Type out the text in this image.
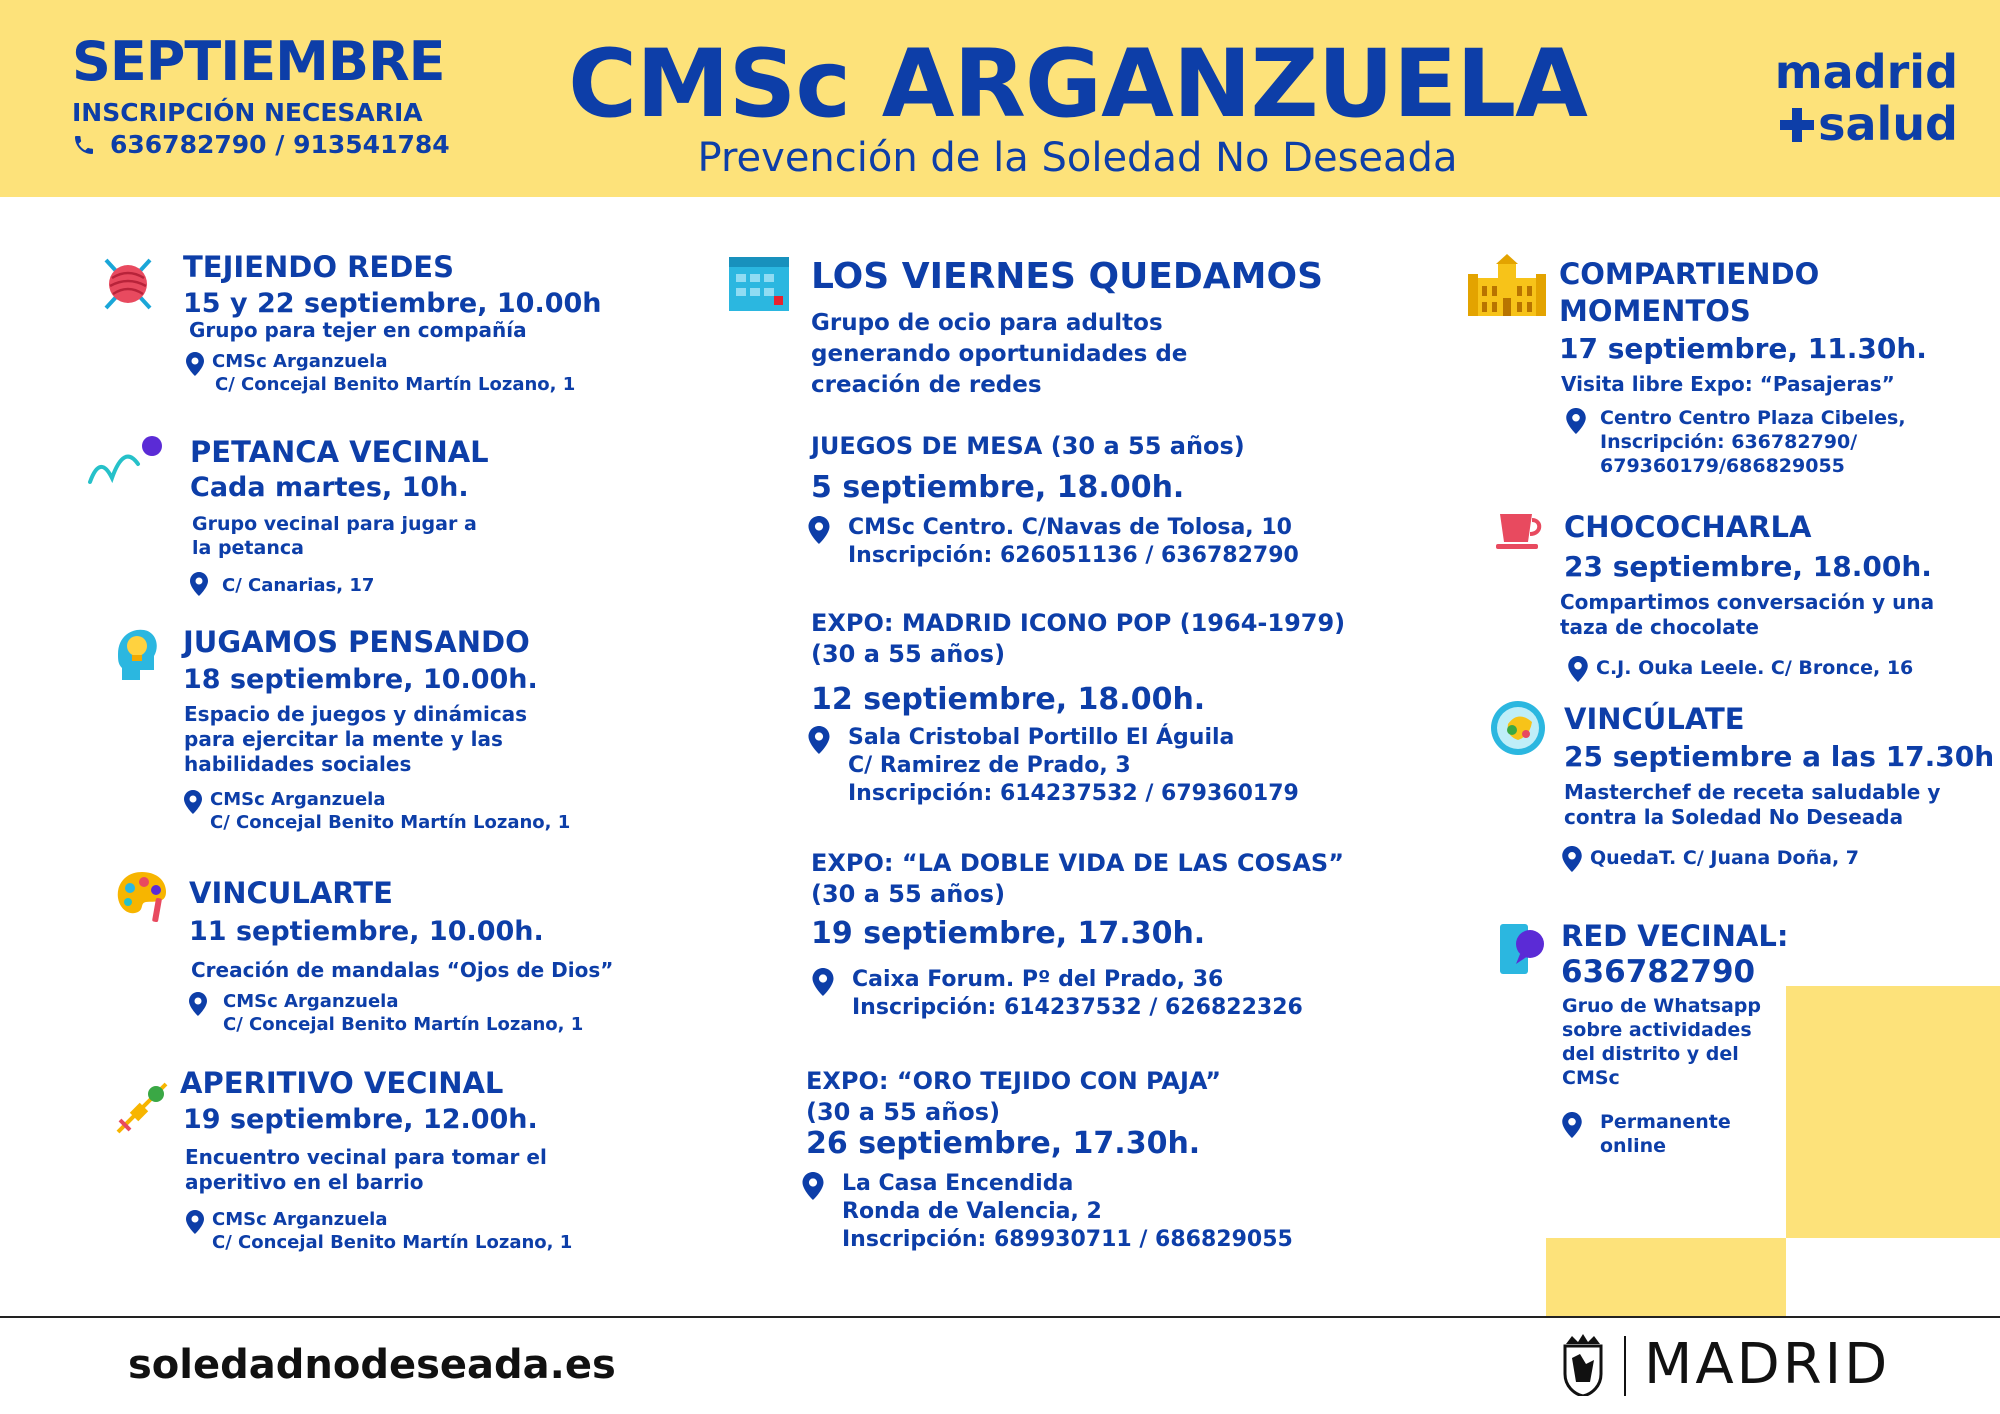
SEPTIEMBRE
INSCRIPCIÓN NECESARIA
636782790 / 913541784
CMSc ARGANZUELA
Prevención de la Soledad No Deseada
madrid
salud
TEJIENDO REDES
15 y 22 septiembre, 10.00h
Grupo para tejer en compañía
CMSc Arganzuela
C/ Concejal Benito Martín Lozano, 1
PETANCA VECINAL
Cada martes, 10h.
Grupo vecinal para jugar a la petanca
C/ Canarias, 17
JUGAMOS PENSANDO
18 septiembre, 10.00h.
Espacio de juegos y dinámicas para ejercitar la mente y las habilidades sociales
CMSc Arganzuela
C/ Concejal Benito Martín Lozano, 1
VINCULARTE
11 septiembre, 10.00h.
Creación de mandalas “Ojos de Dios”
CMSc Arganzuela
C/ Concejal Benito Martín Lozano, 1
APERITIVO VECINAL
19 septiembre, 12.00h.
Encuentro vecinal para tomar el aperitivo en el barrio
CMSc Arganzuela
C/ Concejal Benito Martín Lozano, 1
LOS VIERNES QUEDAMOS
Grupo de ocio para adultos generando oportunidades de creación de redes
JUEGOS DE MESA (30 a 55 años)
5 septiembre, 18.00h.
CMSc Centro. C/Navas de Tolosa, 10
Inscripción: 626051136 / 636782790
EXPO: MADRID ICONO POP (1964-1979)
(30 a 55 años)
12 septiembre, 18.00h.
Sala Cristobal Portillo El Águila
C/ Ramirez de Prado, 3
Inscripción: 614237532 / 679360179
EXPO: “LA DOBLE VIDA DE LAS COSAS”
(30 a 55 años)
19 septiembre, 17.30h.
Caixa Forum. Pº del Prado, 36
Inscripción: 614237532 / 626822326
EXPO: “ORO TEJIDO CON PAJA”
(30 a 55 años)
26 septiembre, 17.30h.
La Casa Encendida
Ronda de Valencia, 2
Inscripción: 689930711 / 686829055
COMPARTIENDO
MOMENTOS
17 septiembre, 11.30h.
Visita libre Expo: “Pasajeras”
Centro Centro Plaza Cibeles,
Inscripción: 636782790/
679360179/686829055
CHOCOCHARLA
23 septiembre, 18.00h.
Compartimos conversación y una taza de chocolate
C.J. Ouka Leele. C/ Bronce, 16
VINCÚLATE
25 septiembre a las 17.30h
Masterchef de receta saludable y contra la Soledad No Deseada
QuedaT. C/ Juana Doña, 7
RED VECINAL:
636782790
Gruo de Whatsapp sobre actividades del distrito y del CMSc
Permanente
online
soledadnodeseada.es	MADRID
